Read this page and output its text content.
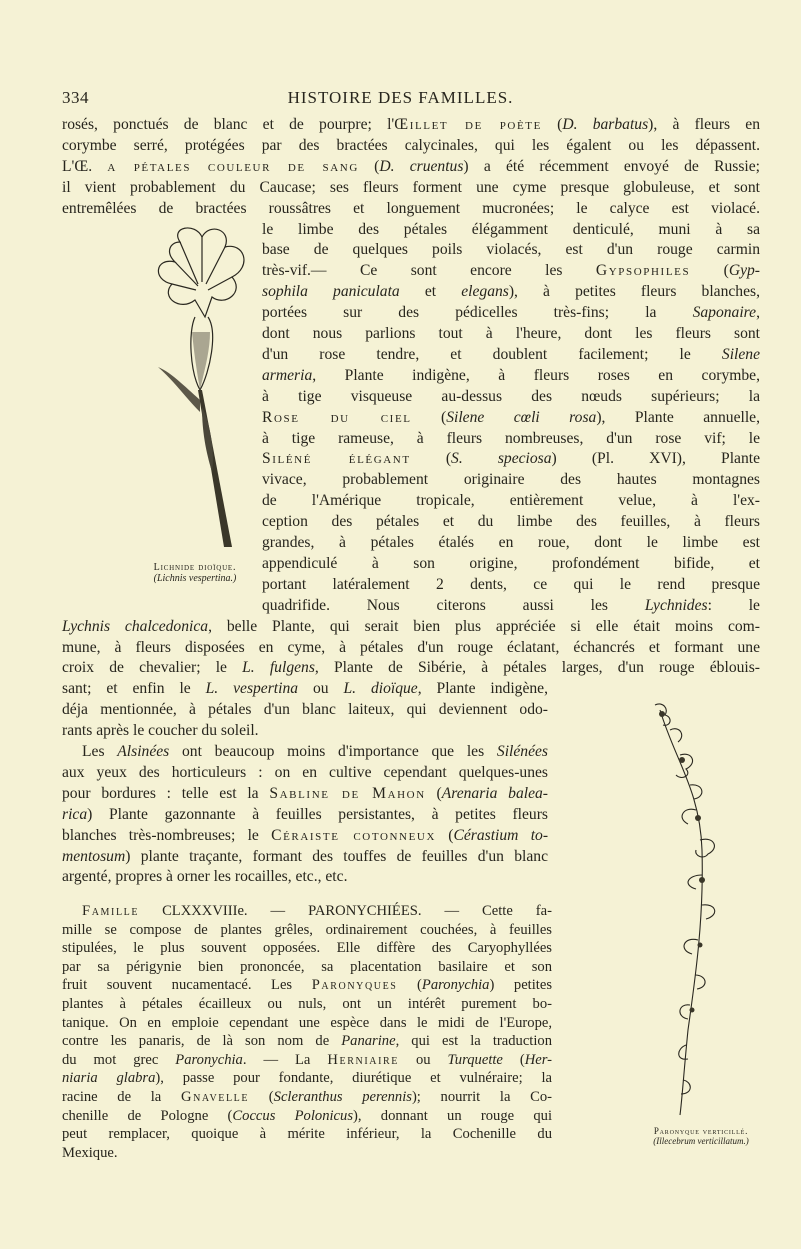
334	HISTOIRE DES FAMILLES.
rosés, ponctués de blanc et de pourpre; l'Œillet de poète (D. barbatus), à fleurs en
corymbe serré, protégées par des bractées calycinales, qui les égalent ou les dépassent.
L'Œ. a pétales couleur de sang (D. cruentus) a été récemment envoyé de Russie;
il vient probablement du Caucase; ses fleurs forment une cyme presque globuleuse, et sont
entremêlées de bractées roussâtres et longuement mucronées; le calyce est violacé.
le limbe des pétales élégamment denticulé, muni à sa
base de quelques poils violacés, est d'un rouge carmin
très-vif.— Ce sont encore les Gypsophiles (Gyp-
sophila paniculata et elegans), à petites fleurs blanches,
portées sur des pédicelles très-fins; la Saponaire,
dont nous parlions tout à l'heure, dont les fleurs sont
d'un rose tendre, et doublent facilement; le Silene
armeria, Plante indigène, à fleurs roses en corymbe,
à tige visqueuse au-dessus des nœuds supérieurs; la
Rose du ciel (Silene cœli rosa), Plante annuelle,
à tige rameuse, à fleurs nombreuses, d'un rose vif; le
Siléné élégant (S. speciosa) (Pl. XVI), Plante
vivace, probablement originaire des hautes montagnes
de l'Amérique tropicale, entièrement velue, à l'ex-
ception des pétales et du limbe des feuilles, à fleurs
grandes, à pétales étalés en roue, dont le limbe est
appendiculé à son origine, profondément bifide, et
portant latéralement 2 dents, ce qui le rend presque
quadrifide. Nous citerons aussi les Lychnides: le
Lychnis chalcedonica, belle Plante, qui serait bien plus appréciée si elle était moins com-
mune, à fleurs disposées en cyme, à pétales d'un rouge éclatant, échancrés et formant une
croix de chevalier; le L. fulgens, Plante de Sibérie, à pétales larges, d'un rouge éblouis-
sant; et enfin le L. vespertina ou L. dioïque, Plante indigène,
déja mentionnée, à pétales d'un blanc laiteux, qui deviennent odo-
rants après le coucher du soleil.
Les Alsinées ont beaucoup moins d'importance que les Silénées
aux yeux des horticuleurs : on en cultive cependant quelques-unes
pour bordures : telle est la Sabline de Mahon (Arenaria balea-
rica) Plante gazonnante à feuilles persistantes, à petites fleurs
blanches très-nombreuses; le Céraiste cotonneux (Cérastium to-
mentosum) plante traçante, formant des touffes de feuilles d'un blanc
argenté, propres à orner les rocailles, etc., etc.
Famille CLXXXVIIIe. — PARONYCHIÉES. — Cette fa-
mille se compose de plantes grêles, ordinairement couchées, à feuilles
stipulées, le plus souvent opposées. Elle diffère des Caryophyllées
par sa périgynie bien prononcée, sa placentation basilaire et son
fruit souvent nucamentacé. Les Paronyques (Paronychia) petites
plantes à pétales écailleux ou nuls, ont un intérêt purement bo-
tanique. On en emploie cependant une espèce dans le midi de l'Europe,
contre les panaris, de là son nom de Panarine, qui est la traduction
du mot grec Paronychia. — La Herniaire ou Turquette (Her-
niaria glabra), passe pour fondante, diurétique et vulnéraire; la
racine de la Gnavelle (Scleranthus perennis); nourrit la Co-
chenille de Pologne (Coccus Polonicus), donnant un rouge qui
peut remplacer, quoique à mérite inférieur, la Cochenille du
Mexique.
Lichnide dioïque.
(Lichnis vespertina.)
Paronyque verticillé.
(Illecebrum verticillatum.)
